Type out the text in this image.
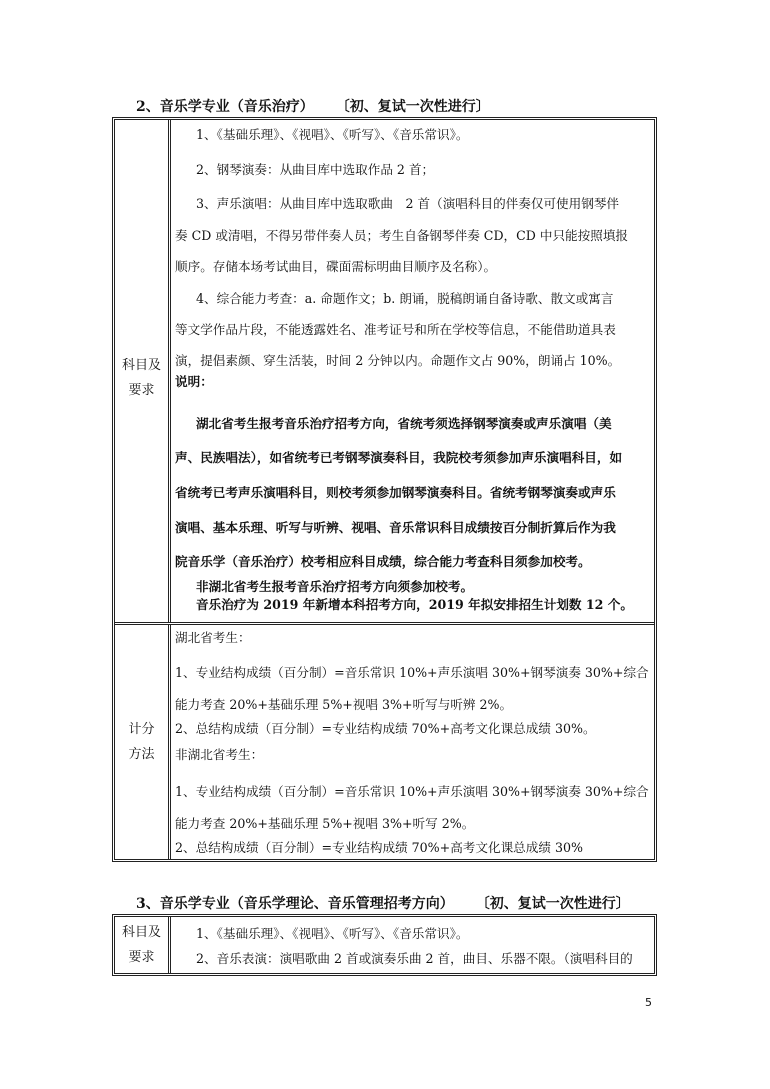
2、音乐学专业（音乐治疗） 〔初、复试一次性进行〕
科目及
要求
1、《基础乐理》、《视唱》、《听写》、《音乐常识》。
2、钢琴演奏：从曲目库中选取作品 2 首；
3、声乐演唱：从曲目库中选取歌曲　2 首（演唱科目的伴奏仅可使用钢琴伴
奏 CD 或清唱，不得另带伴奏人员；考生自备钢琴伴奏 CD，CD 中只能按照填报
顺序。存储本场考试曲目，碟面需标明曲目顺序及名称）。
4、综合能力考查：a. 命题作文；b. 朗诵，脱稿朗诵自备诗歌、散文或寓言
等文学作品片段，不能透露姓名、准考证号和所在学校等信息，不能借助道具表
演，提倡素颜、穿生活装，时间 2 分钟以内。命题作文占 90%，朗诵占 10%。
说明：
湖北省考生报考音乐治疗招考方向，省统考须选择钢琴演奏或声乐演唱（美
声、民族唱法），如省统考已考钢琴演奏科目，我院校考须参加声乐演唱科目，如
省统考已考声乐演唱科目，则校考须参加钢琴演奏科目。省统考钢琴演奏或声乐
演唱、基本乐理、听写与听辨、视唱、音乐常识科目成绩按百分制折算后作为我
院音乐学（音乐治疗）校考相应科目成绩，综合能力考查科目须参加校考。
非湖北省考生报考音乐治疗招考方向须参加校考。
音乐治疗为 2019 年新增本科招考方向，2019 年拟安排招生计划数 12 个。
计分
方法
湖北省考生：
1、专业结构成绩（百分制）=音乐常识 10%+声乐演唱 30%+钢琴演奏 30%+综合
能力考查 20%+基础乐理 5%+视唱 3%+听写与听辨 2%。
2、总结构成绩（百分制）=专业结构成绩 70%+高考文化课总成绩 30%。
非湖北省考生：
1、专业结构成绩（百分制）=音乐常识 10%+声乐演唱 30%+钢琴演奏 30%+综合
能力考查 20%+基础乐理 5%+视唱 3%+听写 2%。
2、总结构成绩（百分制）=专业结构成绩 70%+高考文化课总成绩 30%
3、音乐学专业（音乐学理论、音乐管理招考方向） 〔初、复试一次性进行〕
科目及
要求
1、《基础乐理》、《视唱》、《听写》、《音乐常识》。
2、音乐表演：演唱歌曲 2 首或演奏乐曲 2 首，曲目、乐器不限。（演唱科目的
5
